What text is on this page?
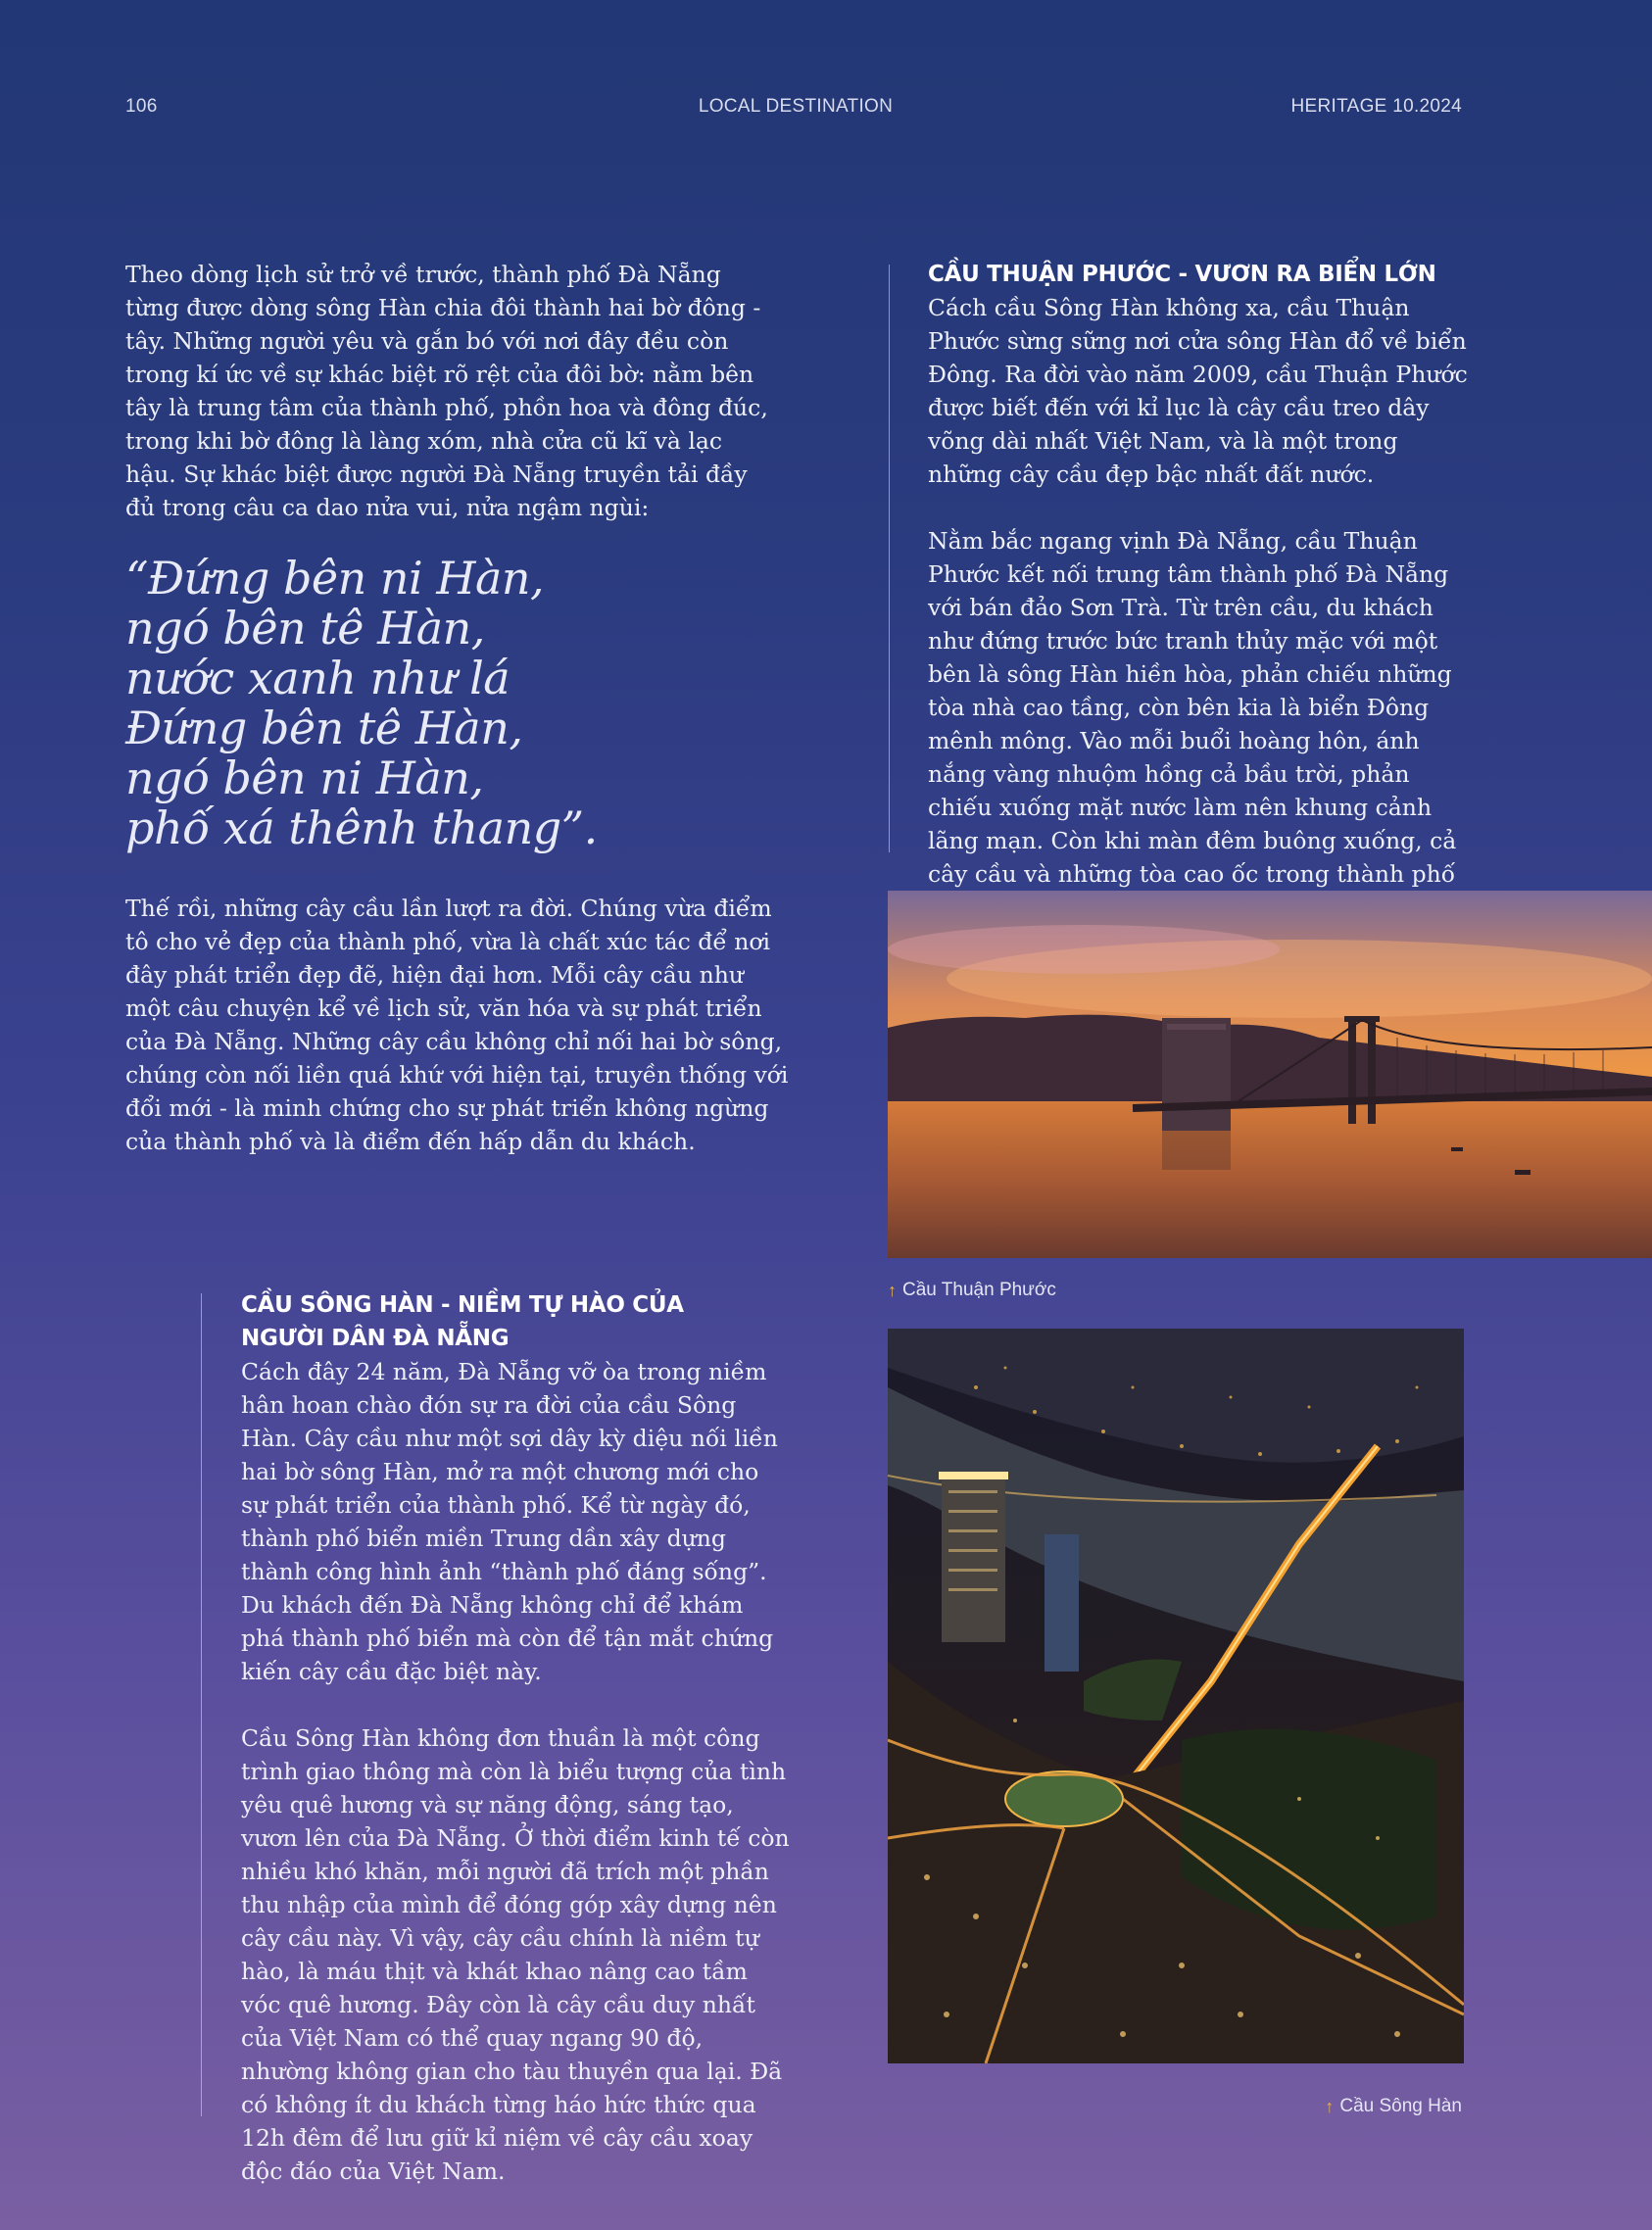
106	LOCAL DESTINATION	HERITAGE 10.2024

Theo dòng lịch sử trở về trước, thành phố Đà Nẵng từng được dòng sông Hàn chia đôi thành hai bờ đông - tây. Những người yêu và gắn bó với nơi đây đều còn trong kí ức về sự khác biệt rõ rệt của đôi bờ: nằm bên tây là trung tâm của thành phố, phồn hoa và đông đúc, trong khi bờ đông là làng xóm, nhà cửa cũ kĩ và lạc hậu. Sự khác biệt được người Đà Nẵng truyền tải đầy đủ trong câu ca dao nửa vui, nửa ngậm ngùi:

“Đứng bên ni Hàn,
ngó bên tê Hàn,
nước xanh như lá
Đứng bên tê Hàn,
ngó bên ni Hàn,
phố xá thênh thang”.

Thế rồi, những cây cầu lần lượt ra đời. Chúng vừa điểm tô cho vẻ đẹp của thành phố, vừa là chất xúc tác để nơi đây phát triển đẹp đẽ, hiện đại hơn. Mỗi cây cầu như một câu chuyện kể về lịch sử, văn hóa và sự phát triển của Đà Nẵng. Những cây cầu không chỉ nối hai bờ sông, chúng còn nối liền quá khứ với hiện tại, truyền thống với đổi mới - là minh chứng cho sự phát triển không ngừng của thành phố và là điểm đến hấp dẫn du khách.

CẦU THUẬN PHƯỚC - VƯƠN RA BIỂN LỚN

Cách cầu Sông Hàn không xa, cầu Thuận Phước sừng sững nơi cửa sông Hàn đổ về biển Đông. Ra đời vào năm 2009, cầu Thuận Phước được biết đến với kỉ lục là cây cầu treo dây võng dài nhất Việt Nam, và là một trong những cây cầu đẹp bậc nhất đất nước.

Nằm bắc ngang vịnh Đà Nẵng, cầu Thuận Phước kết nối trung tâm thành phố Đà Nẵng với bán đảo Sơn Trà. Từ trên cầu, du khách như đứng trước bức tranh thủy mặc với một bên là sông Hàn hiền hòa, phản chiếu những tòa nhà cao tầng, còn bên kia là biển Đông mênh mông. Vào mỗi buổi hoàng hôn, ánh nắng vàng nhuộm hồng cả bầu trời, phản chiếu xuống mặt nước làm nên khung cảnh lãng mạn. Còn khi màn đêm buông xuống, cả cây cầu và những tòa cao ốc trong thành phố

↑ Cầu Thuận Phước
CẦU SÔNG HÀN - NIỀM TỰ HÀO CỦA
NGƯỜI DÂN ĐÀ NẴNG

Cách đây 24 năm, Đà Nẵng vỡ òa trong niềm hân hoan chào đón sự ra đời của cầu Sông Hàn. Cây cầu như một sợi dây kỳ diệu nối liền hai bờ sông Hàn, mở ra một chương mới cho sự phát triển của thành phố. Kể từ ngày đó, thành phố biển miền Trung dần xây dựng thành công hình ảnh “thành phố đáng sống”. Du khách đến Đà Nẵng không chỉ để khám phá thành phố biển mà còn để tận mắt chứng kiến cây cầu đặc biệt này.

Cầu Sông Hàn không đơn thuần là một công trình giao thông mà còn là biểu tượng của tình yêu quê hương và sự năng động, sáng tạo, vươn lên của Đà Nẵng. Ở thời điểm kinh tế còn nhiều khó khăn, mỗi người đã trích một phần thu nhập của mình để đóng góp xây dựng nên cây cầu này. Vì vậy, cây cầu chính là niềm tự hào, là máu thịt và khát khao nâng cao tầm vóc quê hương. Đây còn là cây cầu duy nhất của Việt Nam có thể quay ngang 90 độ, nhường không gian cho tàu thuyền qua lại. Đã có không ít du khách từng háo hức thức qua 12h đêm để lưu giữ kỉ niệm về cây cầu xoay độc đáo của Việt Nam.

↑ Cầu Sông Hàn
